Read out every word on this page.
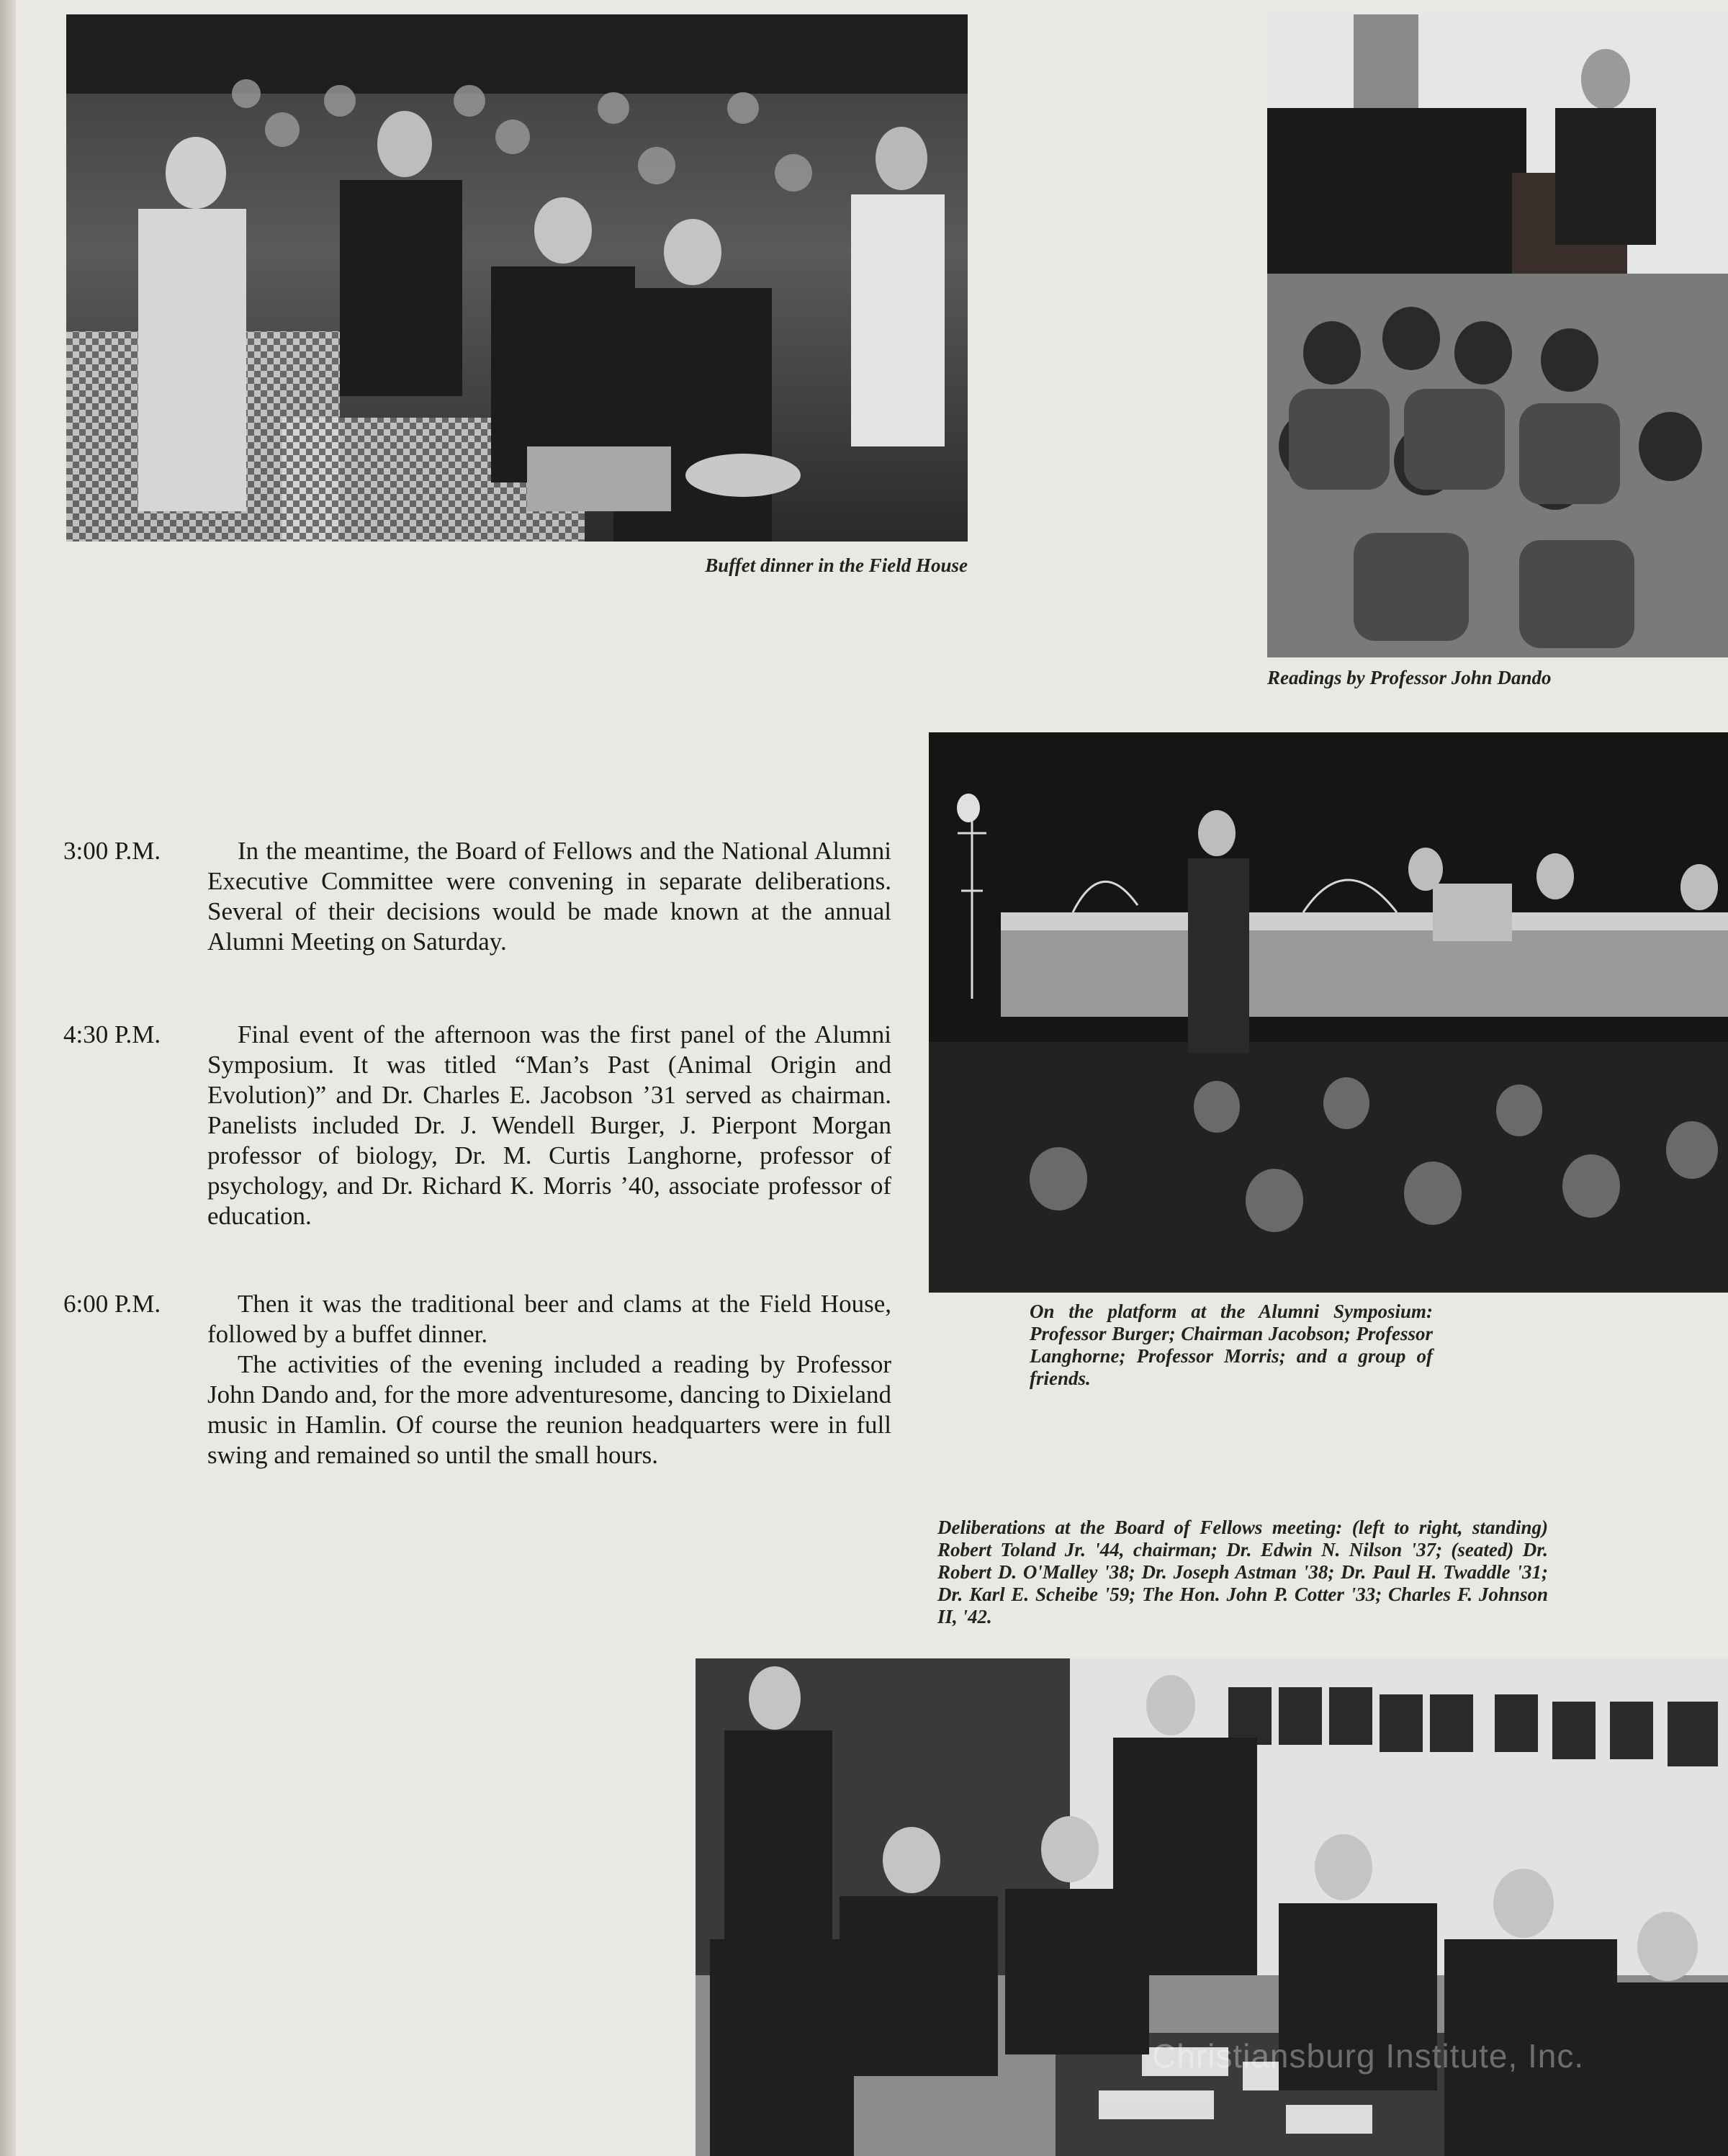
Buffet dinner in the Field House
Readings by Professor John Dando
On the platform at the Alumni Symposium: Professor Burger; Chairman Jacobson; Professor Langhorne; Professor Morris; and a group of friends.
3:00 P.M.	In the meantime, the Board of Fellows and the National Alumni Executive Committee were convening in separate deliberations. Several of their decisions would be made known at the annual Alumni Meeting on Saturday.

4:30 P.M.	Final event of the afternoon was the first panel of the Alumni Symposium. It was titled “Man’s Past (Animal Origin and Evolution)” and Dr. Charles E. Jacobson ’31 served as chairman. Panelists included Dr. J. Wendell Burger, J. Pierpont Morgan professor of biology, Dr. M. Curtis Langhorne, professor of psychology, and Dr. Richard K. Morris ’40, associate professor of education.

6:00 P.M.	Then it was the traditional beer and clams at the Field House, followed by a buffet dinner.

The activities of the evening included a reading by Professor John Dando and, for the more adventuresome, dancing to Dixieland music in Hamlin. Of course the reunion headquarters were in full swing and remained so until the small hours.

Deliberations at the Board of Fellows meeting: (left to right, standing) Robert Toland Jr. '44, chairman; Dr. Edwin N. Nilson '37; (seated) Dr. Robert D. O'Malley '38; Dr. Joseph Astman '38; Dr. Paul H. Twaddle '31; Dr. Karl E. Scheibe '59; The Hon. John P. Cotter '33; Charles F. Johnson II, '42.
Christiansburg Institute, Inc.
